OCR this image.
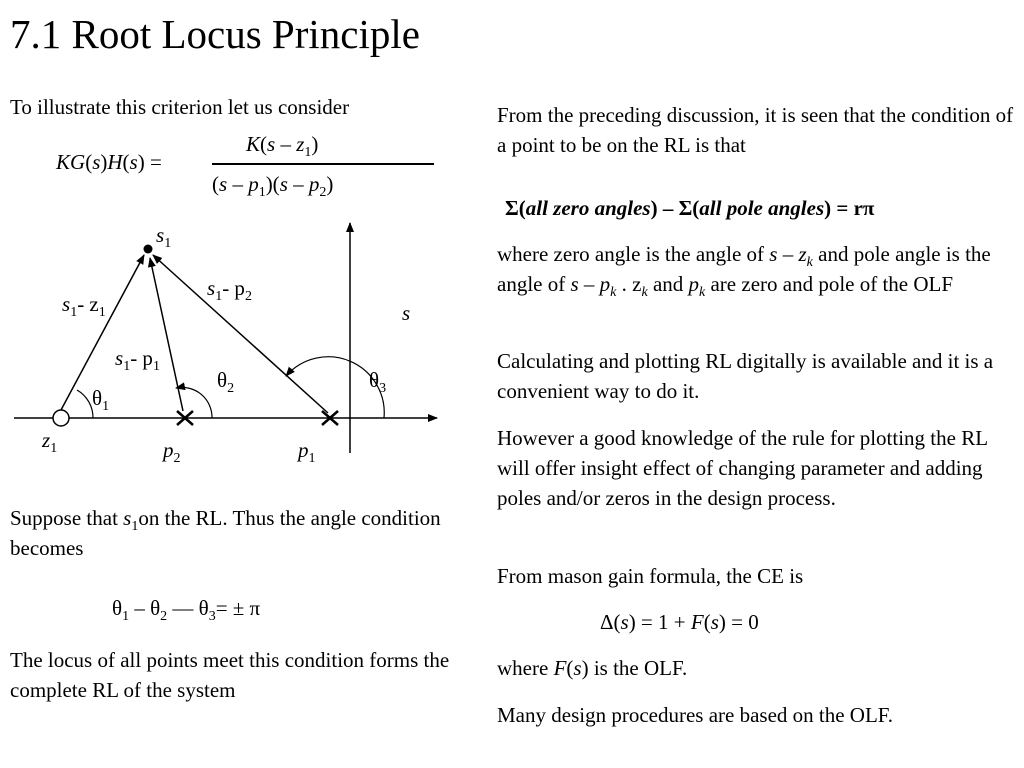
7.1 Root Locus Principle
To illustrate this criterion let us consider
KG(s)H(s) =
$K(s - z_1)$
$(s - p_1)(s - p_2)$
$s_1$
$s_1-$ $z_1$
$s_1-$ $p_2$
$s_1-$ $p_1$
s
$\theta_1$
$\theta_2$	$\theta_3$
$z_1$	$p_2$	$p_1$
Suppose that $s_1on$ the RL. Thus the angle condition becomes
$\theta_1 - \theta_2$ — $\theta_3= \pm \pi$
The locus of all points meet this condition forms the complete RL of the system
From the preceding discussion, it is seen that the condition of a point to be on the RL is that
Σ(all zero angles) – Σ(all pole angles) = rπ
where zero angle is the angle of s – $z_k$ and pole angle is the angle of s – $p_k$ . $z_k$ and $p_k$ are zero and pole of the OLF
Calculating and plotting RL digitally is available and it is a convenient way to do it.
However a good knowledge of the rule for plotting the RL will offer insight effect of changing parameter and adding poles and/or zeros in the design process.
From mason gain formula, the CE is
Δ(s) = 1 + F(s) = 0
where F(s) is the OLF.
Many design procedures are based on the OLF.
